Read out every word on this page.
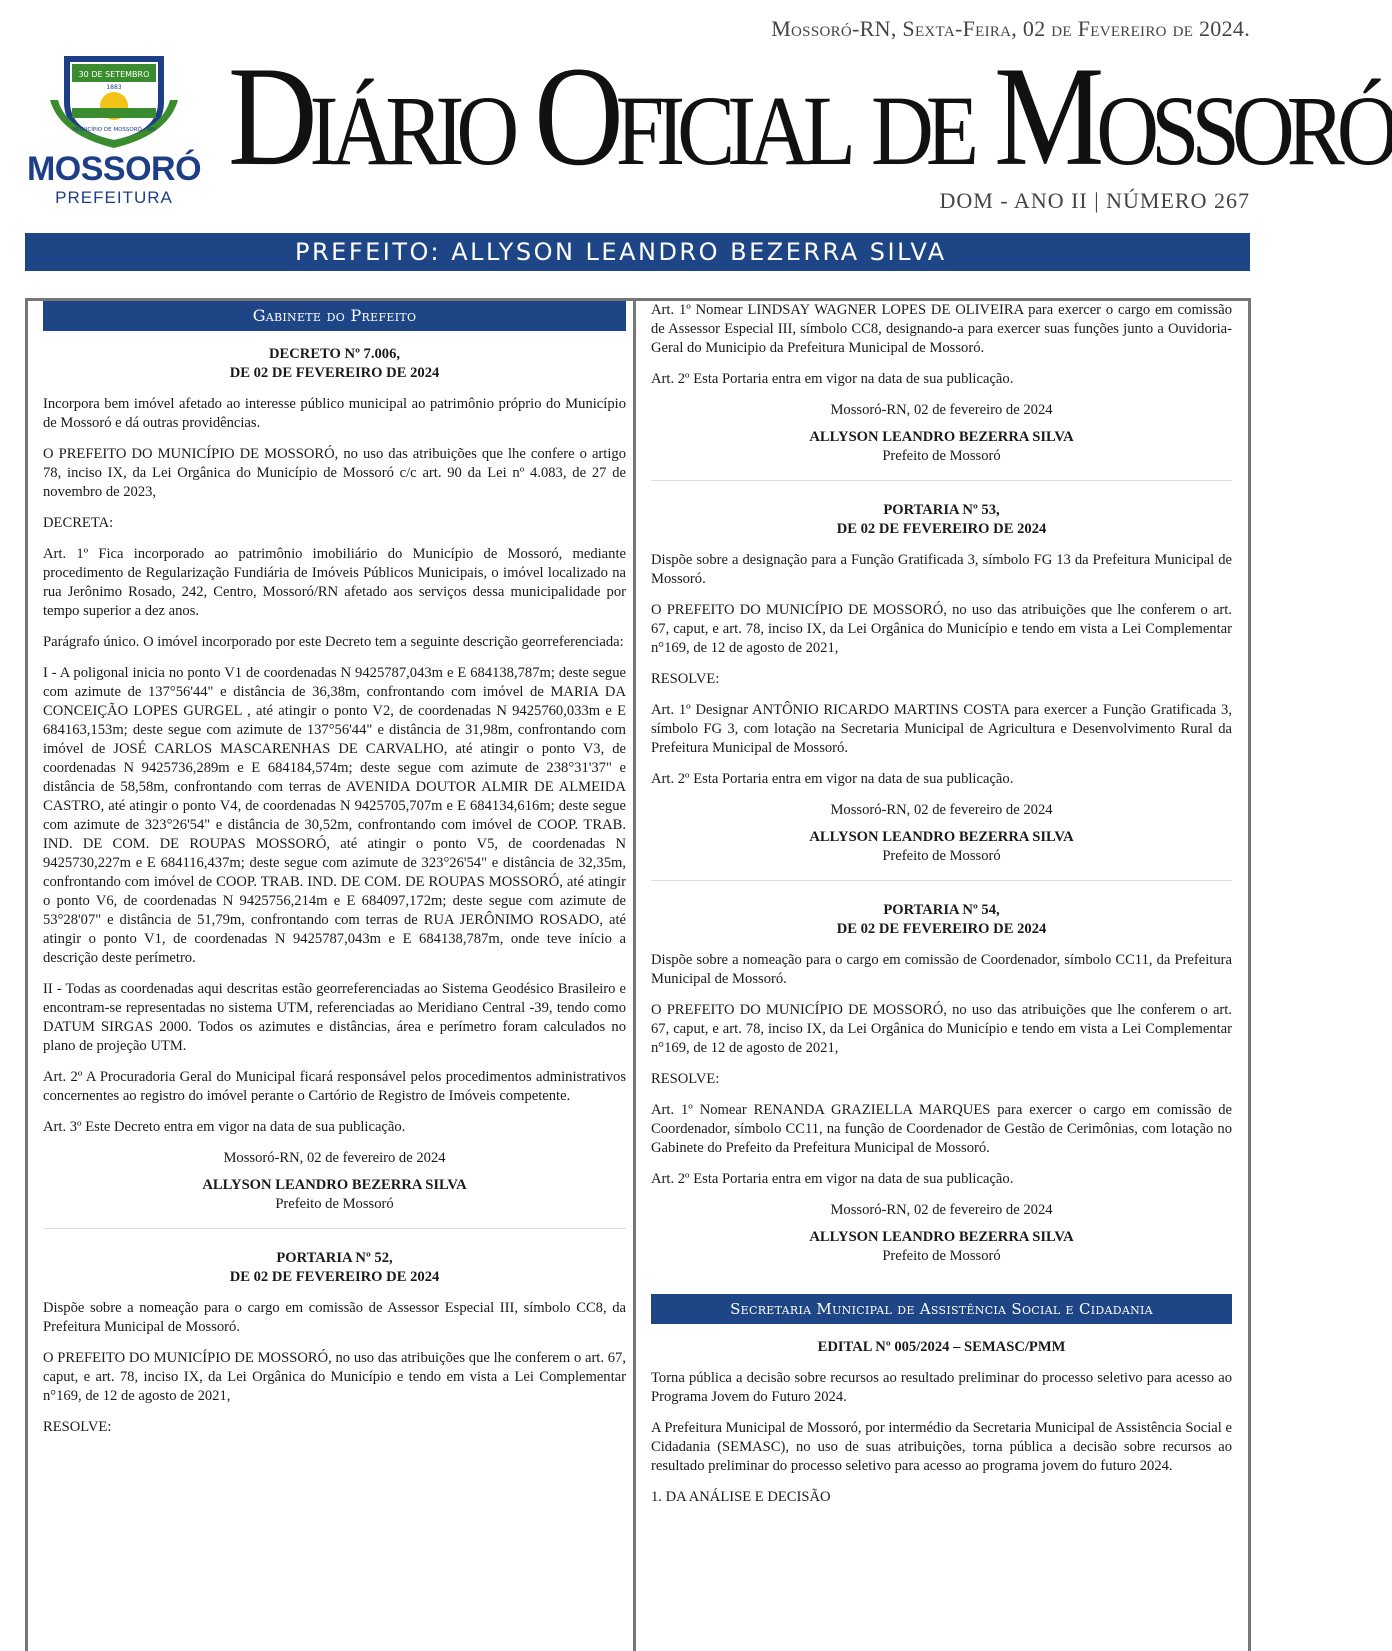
Mossoró-RN, Sexta-Feira, 02 de Fevereiro de 2024.
30 DE SETEMBRO
1883
MUNICÍPIO DE MOSSORÓ · RN
MOSSORÓ
PREFEITURA
Diário Oficial de Mossoró
DOM - ANO II | NÚMERO 267
PREFEITO: ALLYSON LEANDRO BEZERRA SILVA
Gabinete do Prefeito
DECRETO Nº 7.006,
DE 02 DE FEVEREIRO DE 2024

Incorpora bem imóvel afetado ao interesse público municipal ao patrimônio próprio do Município de Mossoró e dá outras providências.

O PREFEITO DO MUNICÍPIO DE MOSSORÓ, no uso das atribuições que lhe confere o artigo 78, inciso IX, da Lei Orgânica do Município de Mossoró c/c art. 90 da Lei nº 4.083, de 27 de novembro de 2023,

DECRETA:

Art. 1º Fica incorporado ao patrimônio imobiliário do Município de Mossoró, mediante procedimento de Regularização Fundiária de Imóveis Públicos Municipais, o imóvel localizado na rua Jerônimo Rosado, 242, Centro, Mossoró/RN afetado aos serviços dessa municipalidade por tempo superior a dez anos.

Parágrafo único. O imóvel incorporado por este Decreto tem a seguinte descrição georreferenciada:

I - A poligonal inicia no ponto V1 de coordenadas N 9425787,043m e E 684138,787m; deste segue com azimute de 137°56'44" e distância de 36,38m, confrontando com imóvel de MARIA DA CONCEIÇÃO LOPES GURGEL , até atingir o ponto V2, de coordenadas N 9425760,033m e E 684163,153m; deste segue com azimute de 137°56'44" e distância de 31,98m, confrontando com imóvel de JOSÉ CARLOS MASCARENHAS DE CARVALHO, até atingir o ponto V3, de coordenadas N 9425736,289m e E 684184,574m; deste segue com azimute de 238°31'37" e distância de 58,58m, confrontando com terras de AVENIDA DOUTOR ALMIR DE ALMEIDA CASTRO, até atingir o ponto V4, de coordenadas N 9425705,707m e E 684134,616m; deste segue com azimute de 323°26'54" e distância de 30,52m, confrontando com imóvel de COOP. TRAB. IND. DE COM. DE ROUPAS MOSSORÓ, até atingir o ponto V5, de coordenadas N 9425730,227m e E 684116,437m; deste segue com azimute de 323°26'54" e distância de 32,35m, confrontando com imóvel de COOP. TRAB. IND. DE COM. DE ROUPAS MOSSORÓ, até atingir o ponto V6, de coordenadas N 9425756,214m e E 684097,172m; deste segue com azimute de 53°28'07" e distância de 51,79m, confrontando com terras de RUA JERÔNIMO ROSADO, até atingir o ponto V1, de coordenadas N 9425787,043m e E 684138,787m, onde teve início a descrição deste perímetro.

II - Todas as coordenadas aqui descritas estão georreferenciadas ao Sistema Geodésico Brasileiro e encontram-se representadas no sistema UTM, referenciadas ao Meridiano Central -39, tendo como DATUM SIRGAS 2000. Todos os azimutes e distâncias, área e perímetro foram calculados no plano de projeção UTM.

Art. 2º A Procuradoria Geral do Municipal ficará responsável pelos procedimentos administrativos concernentes ao registro do imóvel perante o Cartório de Registro de Imóveis competente.

Art. 3º Este Decreto entra em vigor na data de sua publicação.

Mossoró-RN, 02 de fevereiro de 2024

ALLYSON LEANDRO BEZERRA SILVA

Prefeito de Mossoró

PORTARIA Nº 52,
DE 02 DE FEVEREIRO DE 2024

Dispõe sobre a nomeação para o cargo em comissão de Assessor Especial III, símbolo CC8, da Prefeitura Municipal de Mossoró.

O PREFEITO DO MUNICÍPIO DE MOSSORÓ, no uso das atribuições que lhe conferem o art. 67, caput, e art. 78, inciso IX, da Lei Orgânica do Município e tendo em vista a Lei Complementar n°169, de 12 de agosto de 2021,

RESOLVE:

Art. 1º Nomear LINDSAY WAGNER LOPES DE OLIVEIRA para exercer o cargo em comissão de Assessor Especial III, símbolo CC8, designando-a para exercer suas funções junto a Ouvidoria-Geral do Municipio da Prefeitura Municipal de Mossoró.

Art. 2º Esta Portaria entra em vigor na data de sua publicação.

Mossoró-RN, 02 de fevereiro de 2024

ALLYSON LEANDRO BEZERRA SILVA

Prefeito de Mossoró

PORTARIA Nº 53,
DE 02 DE FEVEREIRO DE 2024

Dispõe sobre a designação para a Função Gratificada 3, símbolo FG 13 da Prefeitura Municipal de Mossoró.

O PREFEITO DO MUNICÍPIO DE MOSSORÓ, no uso das atribuições que lhe conferem o art. 67, caput, e art. 78, inciso IX, da Lei Orgânica do Município e tendo em vista a Lei Complementar n°169, de 12 de agosto de 2021,

RESOLVE:

Art. 1º Designar ANTÔNIO RICARDO MARTINS COSTA para exercer a Função Gratificada 3, símbolo FG 3, com lotação na Secretaria Municipal de Agricultura e Desenvolvimento Rural da Prefeitura Municipal de Mossoró.

Art. 2º Esta Portaria entra em vigor na data de sua publicação.

Mossoró-RN, 02 de fevereiro de 2024

ALLYSON LEANDRO BEZERRA SILVA

Prefeito de Mossoró

PORTARIA Nº 54,
DE 02 DE FEVEREIRO DE 2024

Dispõe sobre a nomeação para o cargo em comissão de Coordenador, símbolo CC11, da Prefeitura Municipal de Mossoró.

O PREFEITO DO MUNICÍPIO DE MOSSORÓ, no uso das atribuições que lhe conferem o art. 67, caput, e art. 78, inciso IX, da Lei Orgânica do Município e tendo em vista a Lei Complementar n°169, de 12 de agosto de 2021,

RESOLVE:

Art. 1º Nomear RENANDA GRAZIELLA MARQUES para exercer o cargo em comissão de Coordenador, símbolo CC11, na função de Coordenador de Gestão de Cerimônias, com lotação no Gabinete do Prefeito da Prefeitura Municipal de Mossoró.

Art. 2º Esta Portaria entra em vigor na data de sua publicação.

Mossoró-RN, 02 de fevereiro de 2024

ALLYSON LEANDRO BEZERRA SILVA

Prefeito de Mossoró

Secretaria Municipal de Assistência Social e Cidadania
EDITAL Nº 005/2024 – SEMASC/PMM

Torna pública a decisão sobre recursos ao resultado preliminar do processo seletivo para acesso ao Programa Jovem do Futuro 2024.

A Prefeitura Municipal de Mossoró, por intermédio da Secretaria Municipal de Assistência Social e Cidadania (SEMASC), no uso de suas atribuições, torna pública a decisão sobre recursos ao resultado preliminar do processo seletivo para acesso ao programa jovem do futuro 2024.

1. DA ANÁLISE E DECISÃO
